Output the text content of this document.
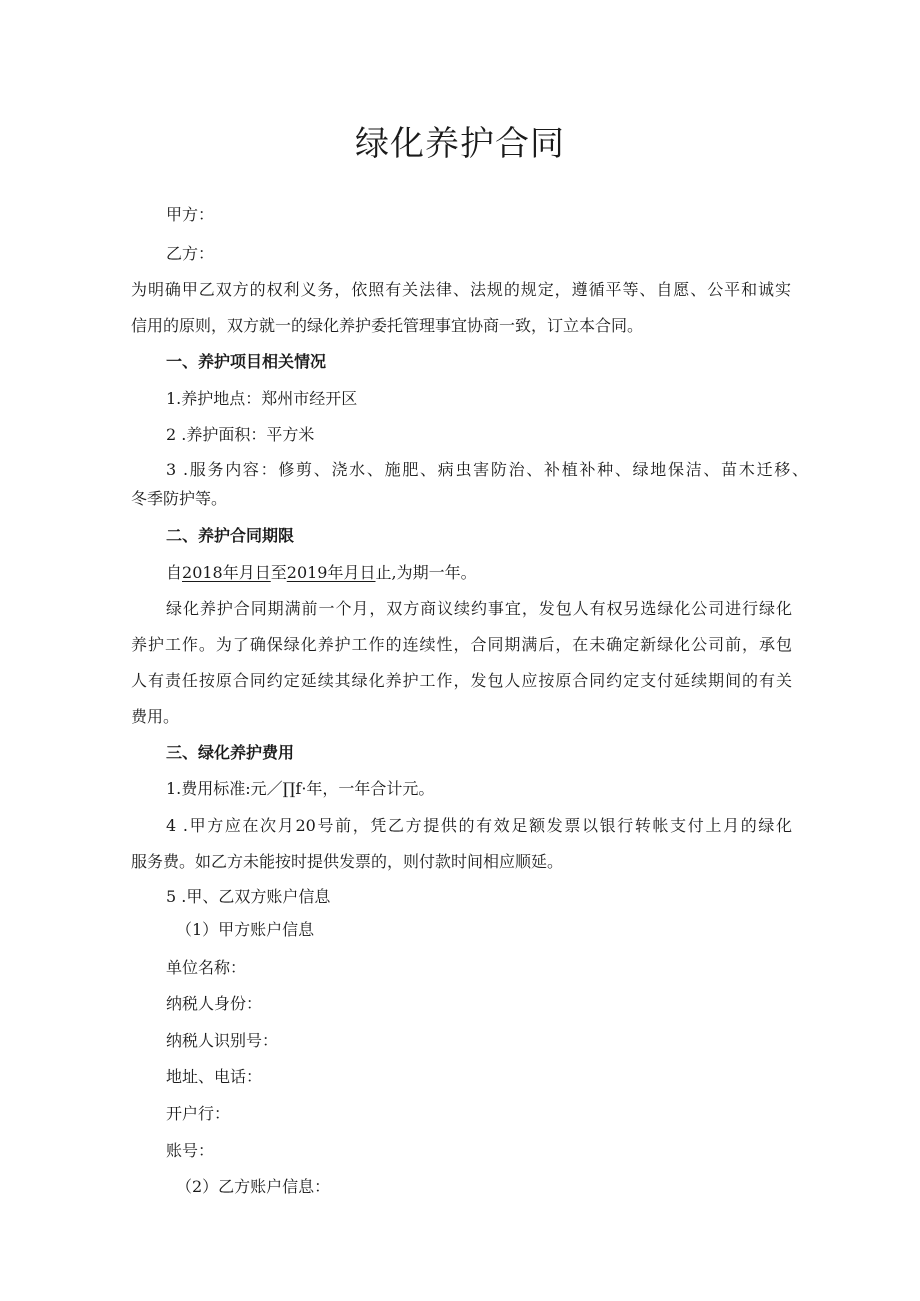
绿化养护合同

甲方：

乙方：

为明确甲乙双方的权利义务，依照有关法律、法规的规定，遵循平等、自愿、公平和诚实

信用的原则，双方就一的绿化养护委托管理事宜协商一致，订立本合同。

一、养护项目相关情况

1.养护地点：郑州市经开区

2 .养护面积：平方米

3 .服务内容：修剪、浇水、施肥、病虫害防治、补植补种、绿地保洁、苗木迁移、

冬季防护等。

二、养护合同期限

自2018年月日至2019年月日止,为期一年。

绿化养护合同期满前一个月，双方商议续约事宜，发包人有权另选绿化公司进行绿化

养护工作。为了确保绿化养护工作的连续性，合同期满后，在未确定新绿化公司前，承包

人有责任按原合同约定延续其绿化养护工作，发包人应按原合同约定支付延续期间的有关

费用。

三、绿化养护费用

1.费用标准:元／∏f·年，一年合计元。

4 .甲方应在次月20号前，凭乙方提供的有效足额发票以银行转帐支付上月的绿化

服务费。如乙方未能按时提供发票的，则付款时间相应顺延。

5 .甲、乙双方账户信息

（1）甲方账户信息

单位名称：

纳税人身份：

纳税人识别号：

地址、电话：

开户行：

账号：

（2）乙方账户信息：
